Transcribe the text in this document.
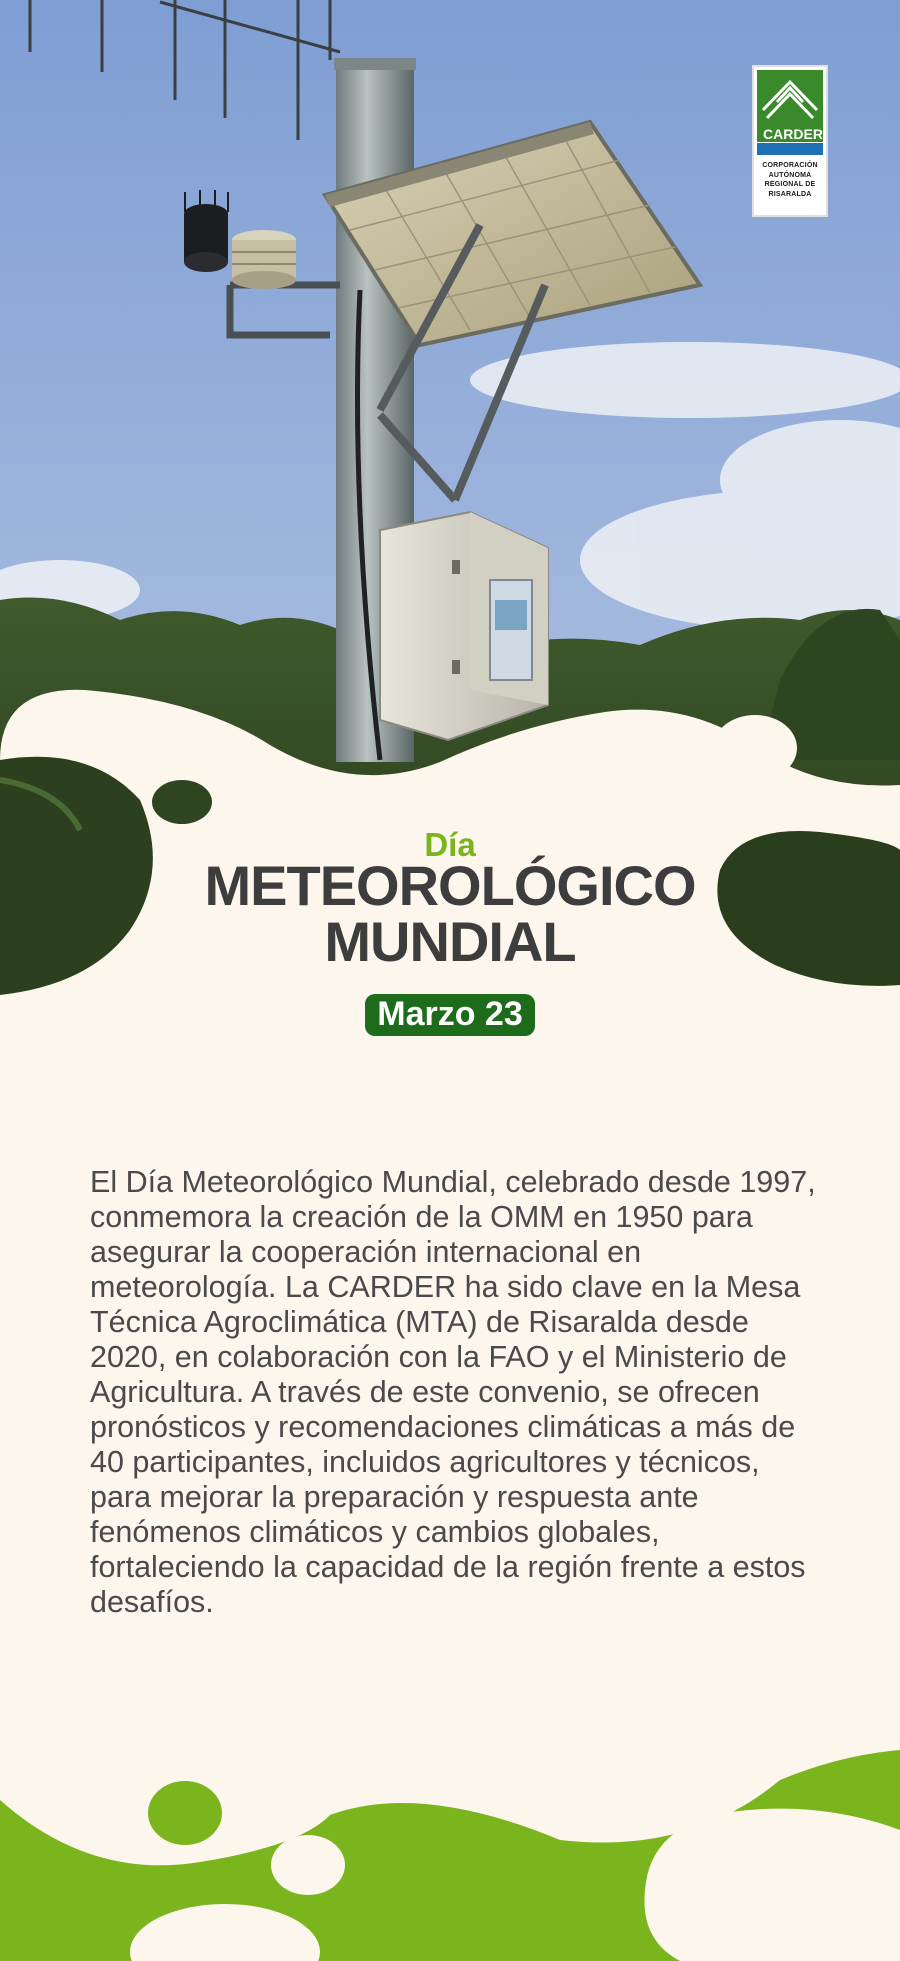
CARDER
CORPORACIÓN AUTÓNOMA REGIONAL DE RISARALDA
Día
METEOROLÓGICO
MUNDIAL
Marzo 23
El Día Meteorológico Mundial, celebrado desde 1997, conmemora la creación de la OMM en 1950 para asegurar la cooperación internacional en meteorología. La CARDER ha sido clave en la Mesa Técnica Agroclimática (MTA) de Risaralda desde 2020, en colaboración con la FAO y el Ministerio de Agricultura. A través de este convenio, se ofrecen pronósticos y recomendaciones climáticas a más de 40 participantes, incluidos agricultores y técnicos, para mejorar la preparación y respuesta ante fenómenos climáticos y cambios globales, fortaleciendo la capacidad de la región frente a estos desafíos.
